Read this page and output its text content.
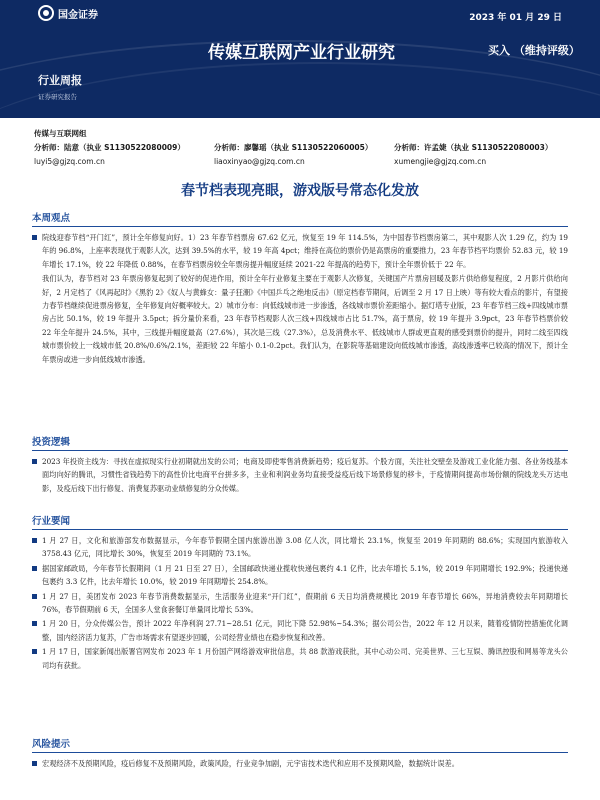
国金证券	2023 年 01 月 29 日
传媒互联网产业行业研究	买入 （维持评级）
行业周报
证券研究报告
传媒与互联网组
分析师：陆意（执业 S1130522080009）
luyi5@gjzq.com.cn
分析师：廖馨瑶（执业 S1130522060005）
liaoxinyao@gjzq.com.cn
分析师：许孟婕（执业 S1130522080003）
xumengjie@gjzq.com.cn
春节档表现亮眼，游戏版号常态化发放
本周观点
院线迎春节档“开门红”，预计全年修复向好。1）23 年春节档票房 67.62 亿元，恢复至 19 年 114.5%，为中国春节档票房第二，其中观影人次 1.29 亿，约为 19 年的 96.8%，上座率表现优于观影人次，达到 39.5%的水平，较 19 年高 4pct；维持在高位的票价仍是高票房的重要推力，23 年春节档平均票价 52.83 元，较 19 年增长 17.1%，较 22 年降低 0.88%，在春节档票房较全年票房提升幅度延续 2021-22 年提高的趋势下，预计全年票价低于 22 年。
我们认为，春节档对 23 年票房修复起到了较好的促进作用，预计全年行业修复主要在于观影人次修复，关键国产片票房回暖及影片供给修复程度，2 月影片供给向好，2 月定档了《风再起时》《黑豹 2》《奴人与黄蜂女：量子狂潮》《中国乒乓之绝地反击》（原定档春节期间，后调至 2 月 17 日上映）等有较大看点的影片，有望接力春节档继续促进票房修复，全年修复向好概率较大。2）城市分布：向低线城市进一步渗透，各线城市票价差距缩小。据灯塔专业版，23 年春节档三线+四线城市票房占比 50.1%，较 19 年提升 3.5pct；拆分量价来看，23 年春节档观影人次三线+四线城市占比 51.7%，高于票房，较 19 年提升 3.9pct，23 年春节档票价较 22 年全年提升 24.5%，其中，三线提升幅度最高（27.6%），其次是三线（27.3%），总及消费水平、低线城市人群或更直观的感受到票价的提升，同时二线至四线城市票价较上一线城市低 20.8%/0.6%/2.1%，差距较 22 年缩小 0.1-0.2pct。我们认为，在影院等基础建设向低线城市渗透，高线渗透率已较高的情况下，预计全年票房或进一步向低线城市渗透。
投资逻辑
2023 年投资主线为：寻找在虚拟现实行业初期就出发的公司；电商及即使零售消费新趋势；疫后复苏。个股方面，关注社交壁垒及游戏工业化能力强、各业务线基本面均向好的腾讯，习惯性省钱趋势下的高性价比电商平台拼多多，主业和利润业务均直接受益疫后线下场景修复的移卡，于疫情期间提高市场份额的院线龙头万达电影，及疫后线下出行修复、消费复苏驱动业绩修复的分众传媒。
行业要闻
1 月 27 日，文化和旅游部发布数据显示，今年春节假期全国内旅游出游 3.08 亿人次，同比增长 23.1%，恢复至 2019 年同期的 88.6%；实现国内旅游收入 3758.43 亿元，同比增长 30%，恢复至 2019 年同期的 73.1%。
据国家邮政局，今年春节长假期间（1 月 21 日至 27 日），全国邮政快递业揽收快递包裹约 4.1 亿件，比去年增长 5.1%，较 2019 年同期增长 192.9%；投递快递包裹约 3.3 亿件，比去年增长 10.0%，较 2019 年同期增长 254.8%。
1 月 27 日，美团发布 2023 年春节消费数据显示，生活服务业迎来“开门红”，假期前 6 天日均消费规模比 2019 年春节增长 66%，异地消费较去年同期增长 76%，春节假期前 6 天，全国多人堂食套餐订单量同比增长 53%。
1 月 20 日，分众传媒公告，预计 2022 年净利润 27.71~28.51 亿元，同比下降 52.98%~54.3%；据公司公告，2022 年 12 月以来，随着疫情防控措施优化调整，国内经济活力复苏，广告市场需求有望逐步回暖，公司经营业绩也在稳步恢复和改善。
1 月 17 日，国家新闻出版署官网发布 2023 年 1 月份国产网络游戏审批信息，共 88 款游戏获批，其中心动公司、完美世界、三七互娱、腾讯控股和网易等龙头公司均有获批。
风险提示
宏观经济不及预期风险，疫后修复不及预期风险，政策风险，行业竞争加剧，元宇宙技术迭代和应用不及预期风险，数据统计误差。
